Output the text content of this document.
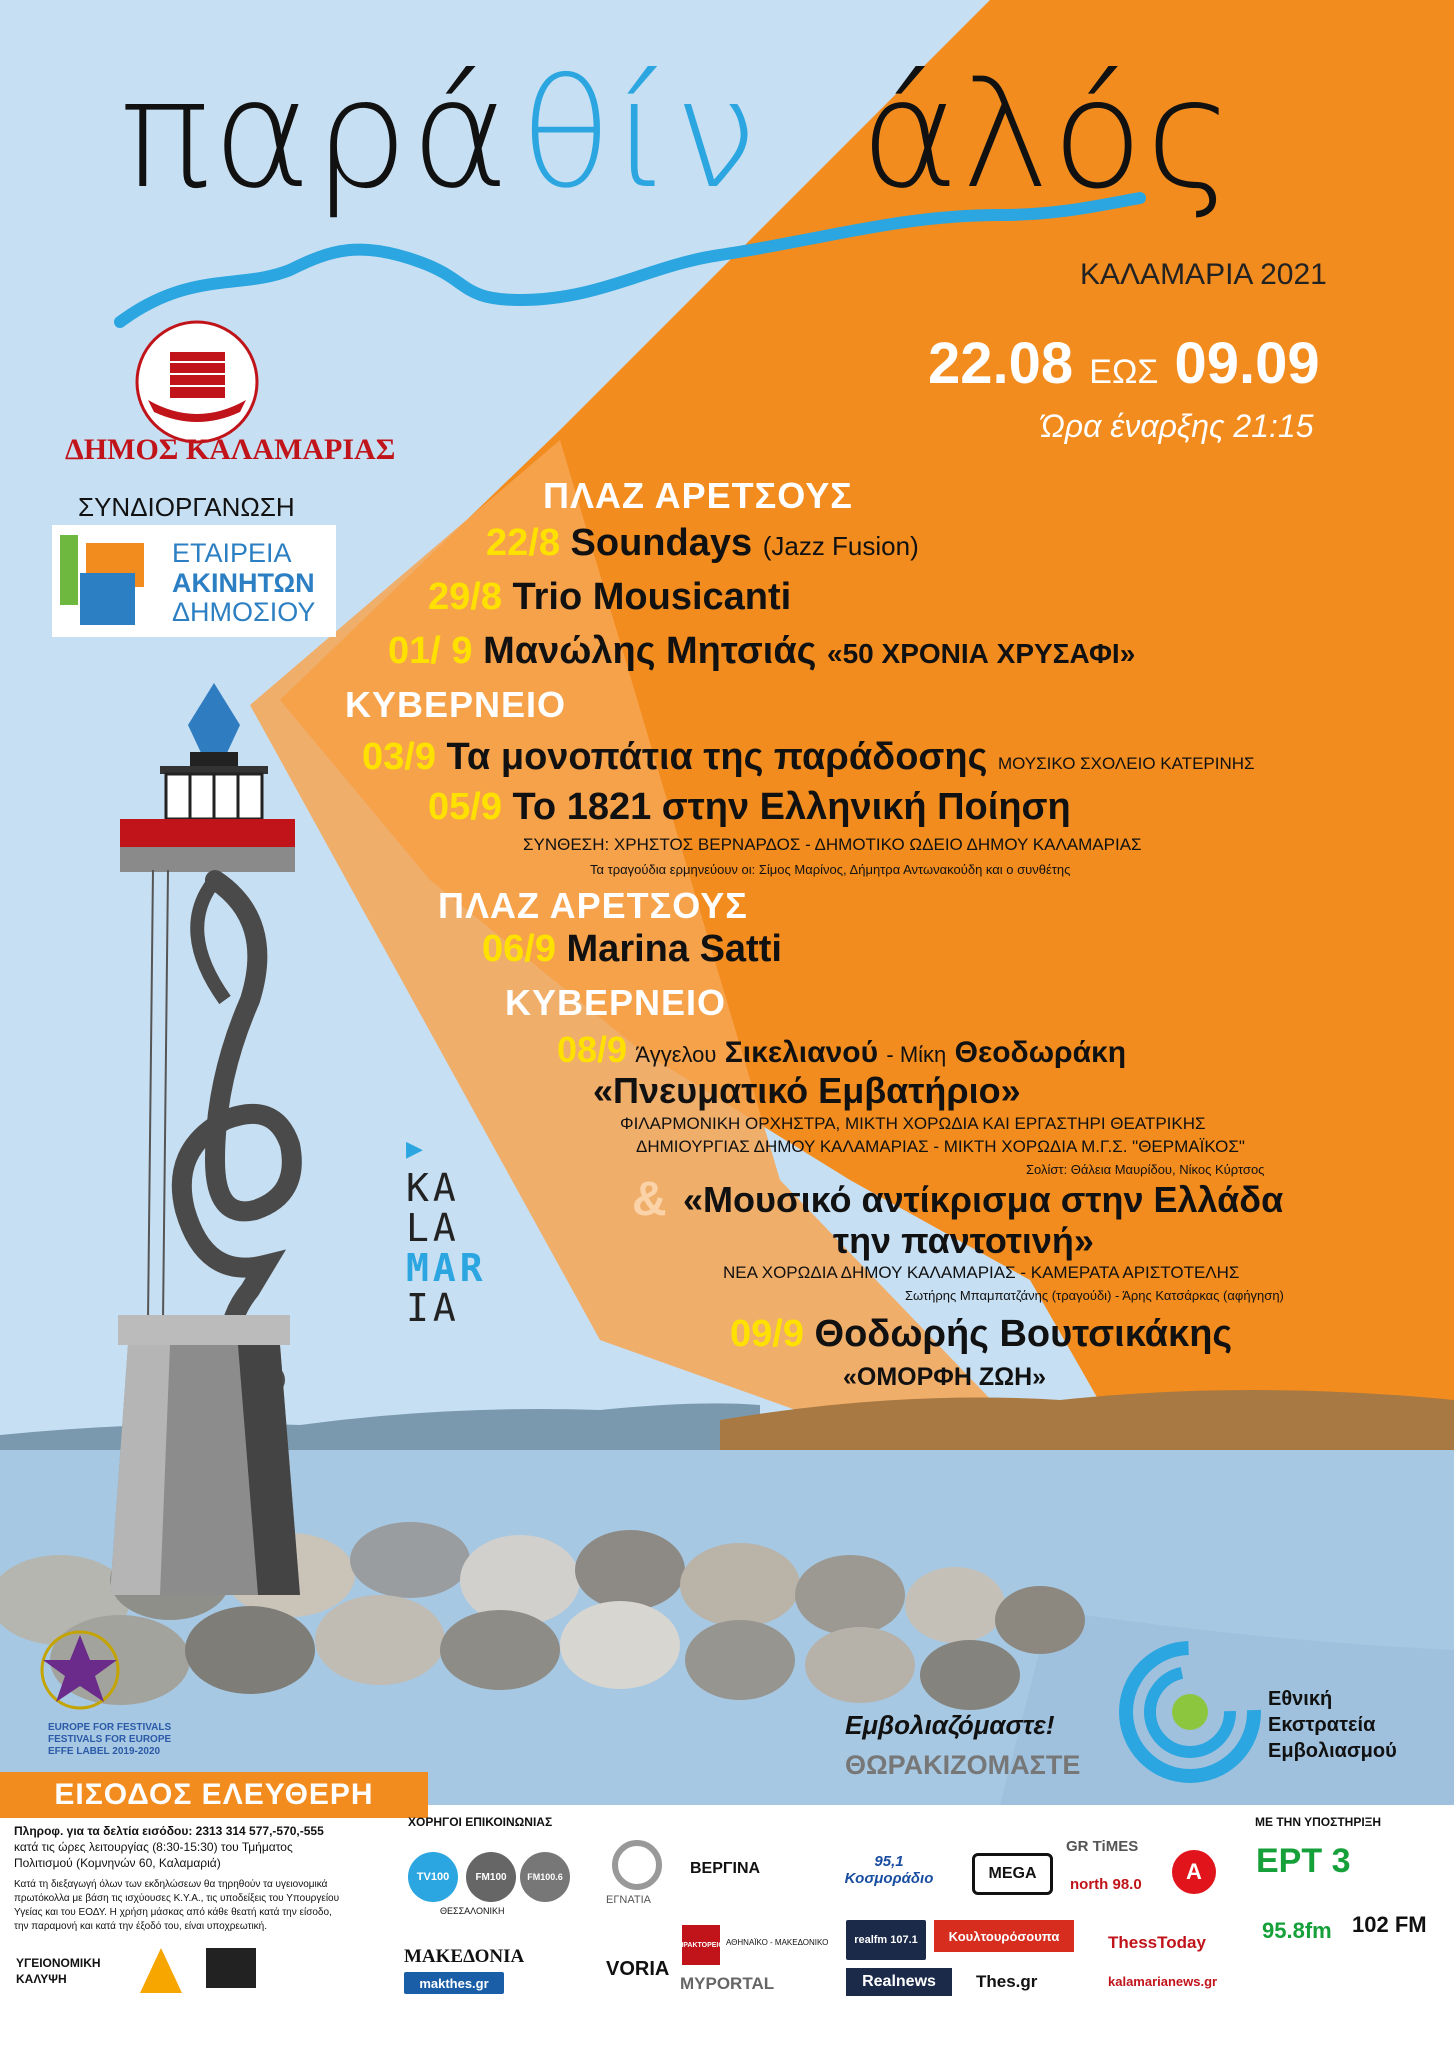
παρά θίν άλός
ΚΑΛΑΜΑΡΙΑ 2021
22.08 ΕΩΣ 09.09
Ώρα έναρξης 21:15
ΔΗΜΟΣ ΚΑΛΑΜΑΡΙΑΣ
ΣΥΝΔΙΟΡΓΑΝΩΣΗ
ΕΤΑΙΡΕΙΑ
ΑΚΙΝΗΤΩΝ
ΔΗΜΟΣΙΟΥ
▶
KA
LA
MAR
IA
ΠΛΑΖ ΑΡΕΤΣΟΥΣ
22/8 Soundays (Jazz Fusion)
29/8 Trio Mousicanti
01/ 9 Μανώλης Μητσιάς «50 ΧΡΟΝΙΑ ΧΡΥΣΑΦΙ»
ΚΥΒΕΡΝΕΙΟ
03/9 Τα μονοπάτια της παράδοσης ΜΟΥΣΙΚΟ ΣΧΟΛΕΙΟ ΚΑΤΕΡΙΝΗΣ
05/9 Το 1821 στην Ελληνική Ποίηση
ΣΥΝΘΕΣΗ: ΧΡΗΣΤΟΣ ΒΕΡΝΑΡΔΟΣ - ΔΗΜΟΤΙΚΟ ΩΔΕΙΟ ΔΗΜΟΥ ΚΑΛΑΜΑΡΙΑΣ
Τα τραγούδια ερμηνεύουν οι: Σίμος Μαρίνος, Δήμητρα Αντωνακούδη και ο συνθέτης
ΠΛΑΖ ΑΡΕΤΣΟΥΣ
06/9 Marina Satti
ΚΥΒΕΡΝΕΙΟ
08/9 Άγγελου Σικελιανού - Μίκη Θεοδωράκη
«Πνευματικό Εμβατήριο»
ΦΙΛΑΡΜΟΝΙΚΗ ΟΡΧΗΣΤΡΑ, ΜΙΚΤΗ ΧΟΡΩΔΙΑ ΚΑΙ ΕΡΓΑΣΤΗΡΙ ΘΕΑΤΡΙΚΗΣ
ΔΗΜΙΟΥΡΓΙΑΣ ΔΗΜΟΥ ΚΑΛΑΜΑΡΙΑΣ - ΜΙΚΤΗ ΧΟΡΩΔΙΑ Μ.Γ.Σ. "ΘΕΡΜΑΪΚΟΣ"
Σολίστ: Θάλεια Μαυρίδου, Νίκος Κύρτσος
& «Μουσικό αντίκρισμα στην Ελλάδα
την παντοτινή»
ΝΕΑ ΧΟΡΩΔΙΑ ΔΗΜΟΥ ΚΑΛΑΜΑΡΙΑΣ - ΚΑΜΕΡΑΤΑ ΑΡΙΣΤΟΤΕΛΗΣ
Σωτήρης Μπαμπατζάνης (τραγούδι) - Άρης Κατσάρκας (αφήγηση)
09/9 Θοδωρής Βουτσικάκης
«ΟΜΟΡΦΗ ΖΩΗ»
Εμβολιαζόμαστε!
ΘΩΡΑΚΙΖΟΜΑΣΤΕ
Εθνική
Εκστρατεία
Εμβολιασμού
EUROPE FOR FESTIVALS
FESTIVALS FOR EUROPE
EFFE LABEL 2019-2020
ΕΙΣΟΔΟΣ ΕΛΕΥΘΕΡΗ
Πληροφ. για τα δελτία εισόδου: 2313 314 577,-570,-555
κατά τις ώρες λειτουργίας (8:30-15:30) του Τμήματος
Πολιτισμού (Κομνηνών 60, Καλαμαριά)
Κατά τη διεξαγωγή όλων των εκδηλώσεων θα τηρηθούν τα υγειονομικά
πρωτόκολλα με βάση τις ισχύουσες Κ.Υ.Α., τις υποδείξεις του Υπουργείου
Υγείας και του ΕΟΔΥ. Η χρήση μάσκας από κάθε θεατή κατά την είσοδο,
την παραμονή και κατά την έξοδό του, είναι υποχρεωτική.
ΥΓΕΙΟΝΟΜΙΚΗ
ΚΑΛΥΨΗ
ΧΟΡΗΓΟΙ ΕΠΙΚΟΙΝΩΝΙΑΣ	ΜΕ ΤΗΝ ΥΠΟΣΤΗΡΙΞΗ
TV100	FM100	FM100.6
ΘΕΣΣΑΛΟΝΙΚΗ
ΕΓΝΑΤΙΑ
ΒΕΡΓΙΝΑ	95,1 Κοσμοράδιο	MEGA
GR TiMES
north 98.0
A
ΜΑΚΕΔΟΝΙΑ
makthes.gr
VORIA
ΠΡΑΚΤΟΡΕΙΟ ΑΘΗΝΑΪΚΟ - ΜΑΚΕΔΟΝΙΚΟ
MYPORTAL
realfm 107.1
Realnews
Κουλτουρόσουπα
Thes.gr
ThessToday
kalamarianews.gr
ΕΡΤ 3
95.8fm 102 FM
